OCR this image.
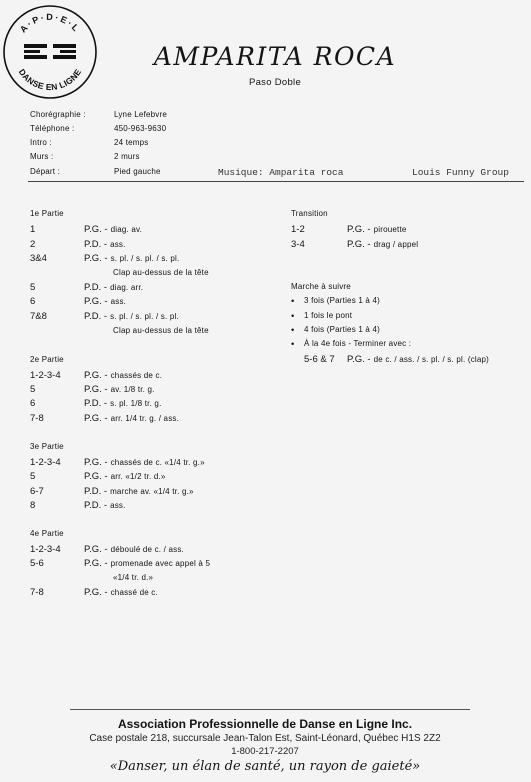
A·P·D·E·L
DANSE EN LIGNE
AMPARITA ROCA
Paso Doble
Chorégraphie :	Lyne Lefebvre
Téléphone :	450-963-9630
Intro :	24 temps
Murs :	2 murs
Départ :	Pied gauche	Musique: Amparita roca	Louis Funny Group
1e Partie
1	P.G. - diag. av.
2	P.D. - ass.
3&4	P.G. - s. pl. / s. pl. / s. pl.
Clap au-dessus de la tête
5	P.D. - diag. arr.
6	P.G. - ass.
7&8	P.D. - s. pl. / s. pl. / s. pl.
Clap au-dessus de la tête
2e Partie
1-2-3-4 P.G. - chassés de c.
5	P.G. - av. 1/8 tr. g.
6	P.D. - s. pl. 1/8 tr. g.
7-8	P.G. - arr. 1/4 tr. g. / ass.
3e Partie
1-2-3-4 P.G. - chassés de c. «1/4 tr. g.»
5	P.G. - arr. «1/2 tr. d.»
6-7	P.D. - marche av. «1/4 tr. g.»
8	P.D. - ass.
4e Partie
1-2-3-4 P.G. - déboulé de c. / ass.
5-6	P.G. - promenade avec appel à 5
«1/4 tr. d.»
7-8	P.G. - chassé de c.
Transition
1-2	P.G. - pirouette
3-4	P.G. - drag / appel
Marche à suivre
• 3 fois (Parties 1 à 4)
• 1 fois le pont
• 4 fois (Parties 1 à 4)
• À la 4e fois - Terminer avec :
5-6 & 7 P.G. - de c. / ass. / s. pl. / s. pl. (clap)
Association Professionnelle de Danse en Ligne Inc.
Case postale 218, succursale Jean-Talon Est, Saint-Léonard, Québec H1S 2Z2
1-800-217-2207
«Danser, un élan de santé, un rayon de gaieté»
